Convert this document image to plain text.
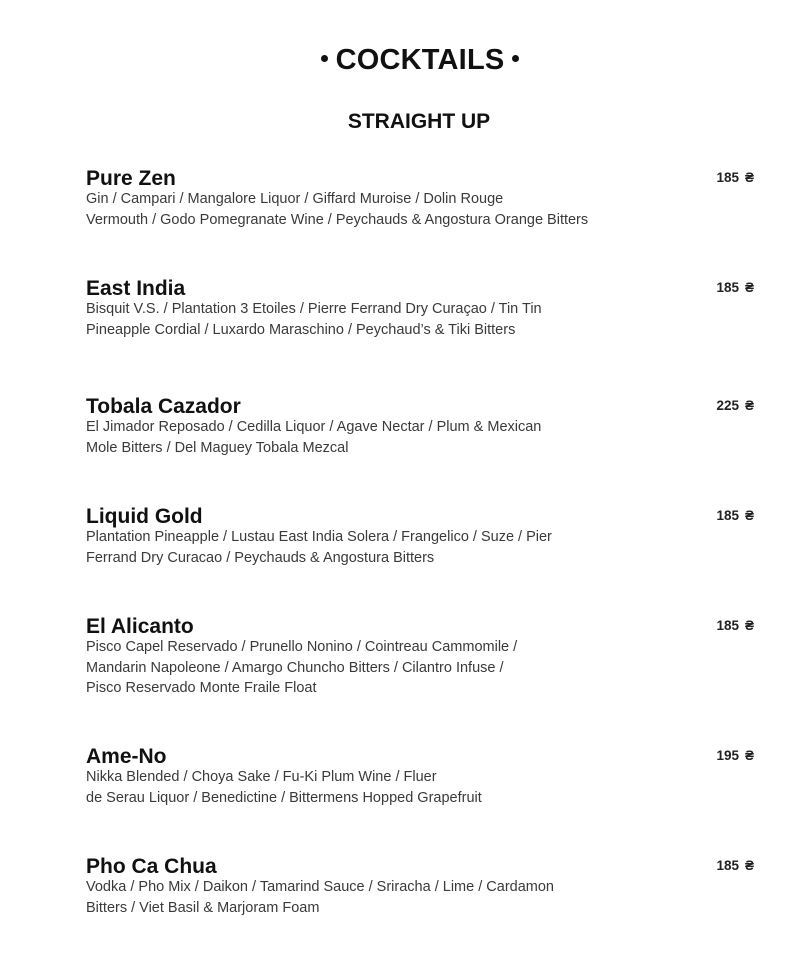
COCKTAILS
STRAIGHT UP
Pure Zen
Gin / Campari / Mangalore Liquor / Giffard Muroise / Dolin Rouge
Vermouth / Godo Pomegranate Wine / Peychauds & Angostura Orange Bitters
185 ₴
East India
Bisquit V.S. / Plantation 3 Etoiles / Pierre Ferrand Dry Curaçao / Tin Tin
Pineapple Cordial / Luxardo Maraschino / Peychaud’s & Tiki Bitters
185 ₴
Tobala Cazador
El Jimador Reposado / Cedilla Liquor / Agave Nectar / Plum & Mexican
Mole Bitters / Del Maguey Tobala Mezcal
225 ₴
Liquid Gold
Plantation Pineapple / Lustau East India Solera / Frangelico / Suze / Pier
Ferrand Dry Curacao / Peychauds & Angostura Bitters
185 ₴
El Alicanto
Pisco Capel Reservado / Prunello Nonino / Cointreau Cammomile /
Mandarin Napoleone / Amargo Chuncho Bitters / Cilantro Infuse /
Pisco Reservado Monte Fraile Float
185 ₴
Ame-No
Nikka Blended / Choya Sake / Fu-Ki Plum Wine / Fluer
de Serau Liquor / Benedictine / Bittermens Hopped Grapefruit
195 ₴
Pho Ca Chua
Vodka / Pho Mix / Daikon / Tamarind Sauce / Sriracha / Lime / Cardamon
Bitters / Viet Basil & Marjoram Foam
185 ₴
